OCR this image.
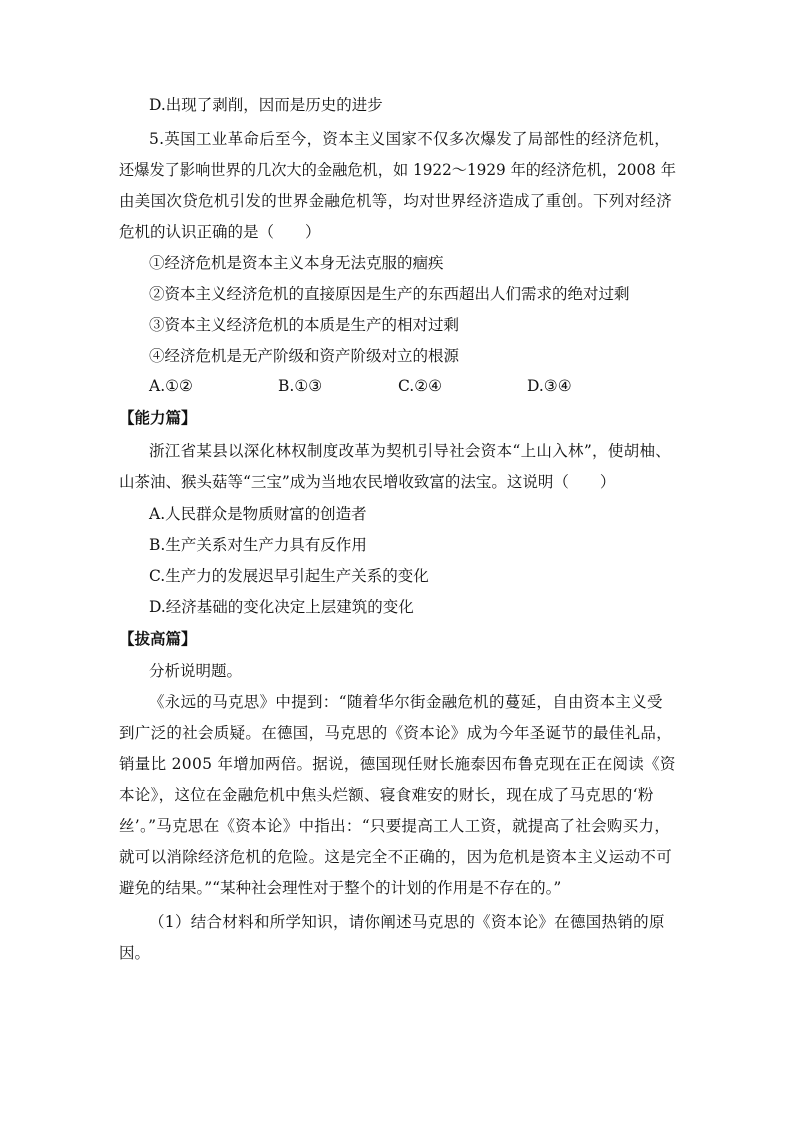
D.出现了剥削，因而是历史的进步
5.英国工业革命后至今，资本主义国家不仅多次爆发了局部性的经济危机，
还爆发了影响世界的几次大的金融危机，如 1922～1929 年的经济危机，2008 年
由美国次贷危机引发的世界金融危机等，均对世界经济造成了重创。下列对经济
危机的认识正确的是（　　）
①经济危机是资本主义本身无法克服的痼疾
②资本主义经济危机的直接原因是生产的东西超出人们需求的绝对过剩
③资本主义经济危机的本质是生产的相对过剩
④经济危机是无产阶级和资产阶级对立的根源
A.①②	B.①③	C.②④	D.③④
【能力篇】
浙江省某县以深化林权制度改革为契机引导社会资本“上山入林”，使胡柚、
山茶油、猴头菇等“三宝”成为当地农民增收致富的法宝。这说明（　　）
A.人民群众是物质财富的创造者
B.生产关系对生产力具有反作用
C.生产力的发展迟早引起生产关系的变化
D.经济基础的变化决定上层建筑的变化
【拔高篇】
分析说明题。
《永远的马克思》中提到：“随着华尔街金融危机的蔓延，自由资本主义受
到广泛的社会质疑。在德国，马克思的《资本论》成为今年圣诞节的最佳礼品，
销量比 2005 年增加两倍。据说，德国现任财长施泰因布鲁克现在正在阅读《资
本论》，这位在金融危机中焦头烂额、寝食难安的财长，现在成了马克思的‘粉
丝’。”马克思在《资本论》中指出：“只要提高工人工资，就提高了社会购买力，
就可以消除经济危机的危险。这是完全不正确的，因为危机是资本主义运动不可
避免的结果。”“某种社会理性对于整个的计划的作用是不存在的。”
（1）结合材料和所学知识，请你阐述马克思的《资本论》在德国热销的原
因。
